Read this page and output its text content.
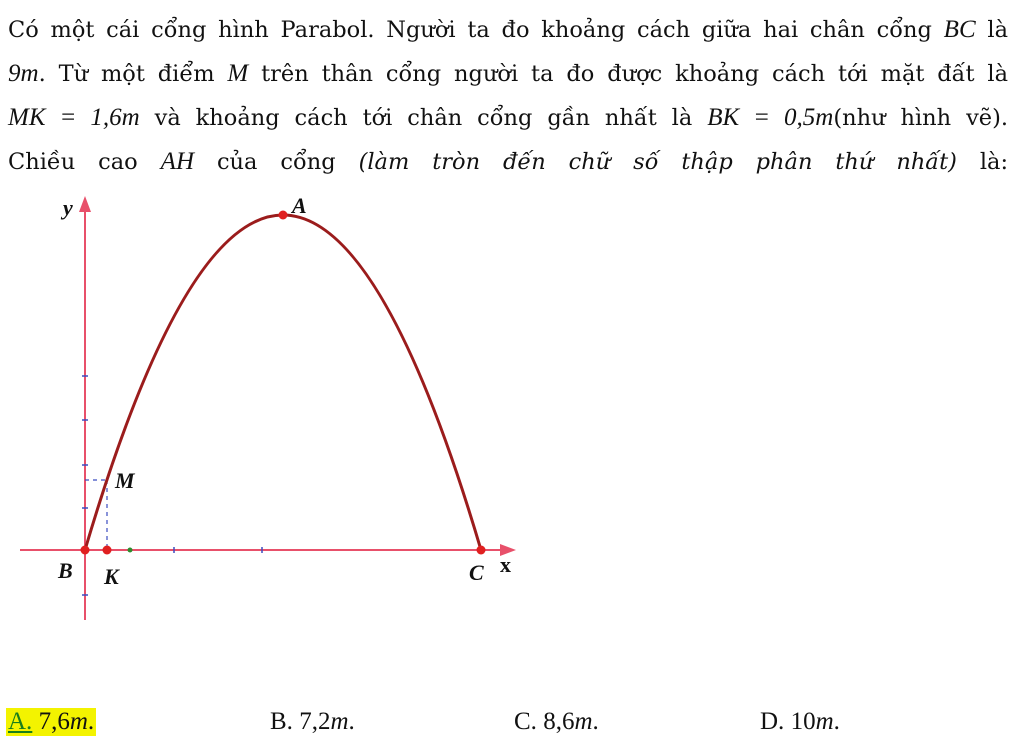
Có một cái cổng hình Parabol. Người ta đo khoảng cách giữa hai chân cổng BC là
9m. Từ một điểm M trên thân cổng người ta đo được khoảng cách tới mặt đất là
MK = 1,6m và khoảng cách tới chân cổng gần nhất là BK = 0,5m(như hình vẽ).
Chiều cao AH của cổng (làm tròn đến chữ số thập phân thứ nhất) là:
y	A
M
B K	C x
A. 7,6m.	B. 7,2m.	C. 8,6m.	D. 10m.
